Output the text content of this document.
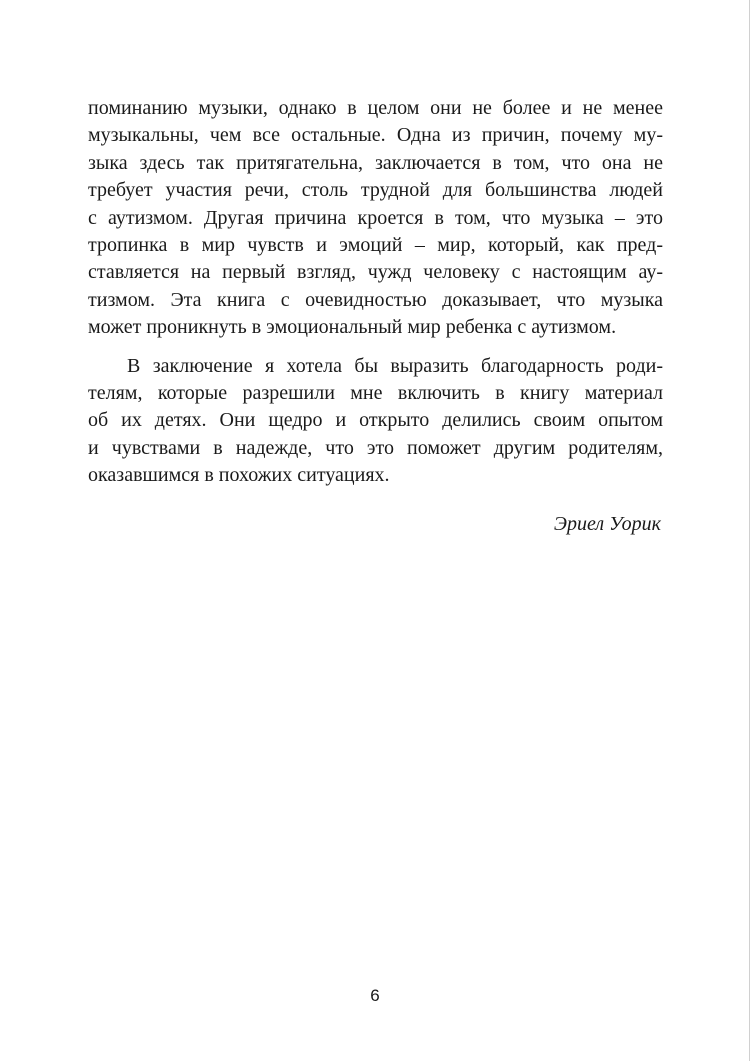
поминанию музыки, однако в целом они не более и не менее
музыкальны, чем все остальные. Одна из причин, почему му-
зыка здесь так притягательна, заключается в том, что она не
требует участия речи, столь трудной для большинства людей
с аутизмом. Другая причина кроется в том, что музыка – это
тропинка в мир чувств и эмоций – мир, который, как пред-
ставляется на первый взгляд, чужд человеку с настоящим ау-
тизмом. Эта книга с очевидностью доказывает, что музыка
может проникнуть в эмоциональный мир ребенка с аутизмом.
В заключение я хотела бы выразить благодарность роди-
телям, которые разрешили мне включить в книгу материал
об их детях. Они щедро и открыто делились своим опытом
и чувствами в надежде, что это поможет другим родителям,
оказавшимся в похожих ситуациях.
Эриел Уорик
6
